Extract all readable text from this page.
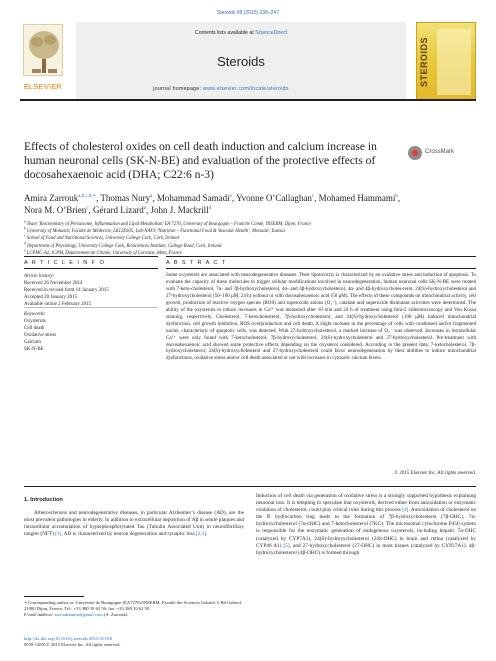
Steroids 99 (2015) 238–247
ELSEVIER
Contents lists available at ScienceDirect
Steroids	STEROIDS
journal homepage: www.elsevier.com/locate/steroids
Effects of cholesterol oxides on cell death induction and calcium increase in human neuronal cells (SK-N-BE) and evaluation of the protective effects of docosahexaenoic acid (DHA; C22:6 n-3)
CrossMark
Amira Zarrouk$^{a,b,c,d,∗}$, Thomas Nury$^a$, Mohammad Samadi$^e$, Yvonne O’Callaghan$^c$, Mohamed Hammami$^b$,
Nora M. O’Brien$^c$, Gérard Lizard$^a$, John J. Mackrill$^d$
$^a$ Team ‘Biochemistry of Peroxisome, Inflammation and Lipid Metabolism’ EA 7270, University of Bourgogne – Franche Comté, INSERM, Dijon, France
$^b$ University of Monastir, Faculté de Médecine, LR12ES05, Lab-NAFS ‘Nutrition – Functional Food & Vascular Health’, Monastir, Tunisia
$^c$ School of Food and Nutritional Sciences, University College Cork, Cork, Ireland
$^d$ Department of Physiology, University College Cork, BioSciences Institute, College Road, Cork, Ireland
$^e$ LCPMC-A2, ICPM, Département de Chimie, University of Lorraine, Metz, France
A R T I C L E I N F O	A B S T R A C T
Article history:
Received 26 November 2014
Received in revised form 14 January 2015
Accepted 20 January 2015
Available online 2 February 2015
Keywords:
Oxysterols
Cell death
Oxidative stress
Calcium
SK-N-BE
Some oxysterols are associated with neurodegenerative diseases. Their lipotoxicity is characterized by an oxidative stress and induction of apoptosis. To evaluate the capacity of these molecules to trigger cellular modifications involved in neurodegeneration, human neuronal cells SK-N-BE were treated with 7-keto-cholesterol, 7α- and 7β-hydroxycholesterol, 4α- and 4β-hydroxycholesterol, 4α- and 4β-hydroxycholes-terol, 24(S)-hydroxycholesterol and 27-hydroxycholesterol (50–100 μM, 24 h) without or with docosahexaenoic acid (50 μM). The effects of these compounds on mitochondrial activity, cell growth, production of reactive oxygen species (ROS) and superoxide anions (O₂⁻), catalase and superoxide dismutase activities were determined. The ability of the oxysterols to induce increases in Ca²⁺ was measured after 10 min and 24 h of treatment using fura-2 videomicroscopy and Von Kossa staining, respectively. Cholesterol, 7-ketocholesterol, 7β-hydroxycholesterol, and 24(S)-hydroxycholesterol (100 μM) induced mitochondrial dysfunction, cell growth inhibition, ROS overproduction and cell death. A slight increase in the percentage of cells with condensed and/or fragmented nuclei, characteristic of apoptotic cells, was detected. With 27-hydroxycholesterol, a marked increase of O₂⁻ was observed. Increases in intracellular Ca²⁺ were only found with 7-ketocholesterol, 7β-hydroxycholesterol, 24(S)-hydroxycholesterol and 27-hydroxycholesterol. Pre-treatment with docosahexaenoic acid showed some protective effects depending on the oxysterol considered. According to the present data, 7-ketocholesterol, 7β-hydroxycholesterol, 24(S)-hydroxycholesterol and 27-hydroxycholesterol could favor neurodegeneration by their abilities to induce mitochondrial dysfunctions, oxidative stress and/or cell death associated or not with increases in cytosolic calcium levels.
© 2015 Elsevier Inc. All rights reserved.
1. Introduction
Atherosclerosis and neurodegenerative diseases, in particular Alzheimer’s disease (AD), are the most prevalent pathologies in elderly. In addition to extracellular deposition of Aβ in senile plaques and intracellular accumulation of hyperphosphorylated Tau (Tubulin Associated Unit) in neurofibrillary tangles (NFT) [1], AD is characterized by neuron degeneration and synaptic loss [2,3].
Induction of cell death via generation of oxidative stress is a strongly supported hypothesis explaining neuronal loss. It is tempting to speculate that oxysterols, derived either from autoxidation or enzymatic oxidation of cholesterol, could play critical roles during this process [4]. Autoxidation of cholesterol on the B hydrocarbon ring leads to the formation of 7β-hydroxycholesterol (7β-OHC), 7α-hydroxycholesterol (7α-OHC) and 7-ketocholesterol (7KC). The microsomal cytochrome P450 system is responsible for the enzymatic generation of endogenous oxysterols, including hepatic 7α-OHC (catalyzed by CYP7A1), 24(S)-hydroxycholesterol (24S-OHC) in brain and retina (catalyzed by CYP46 A1) [5], and 27-hydroxycholesterol (27-OHC) in most tissues (catalyzed by CYP27A1). 4β-hydroxycholesterol (4β-OHC) is formed through
∗ Corresponding author at: Université de Bourgogne (EA7270)/INSERM, Faculté des Sciences Gabriel, 6 Bd Gabriel, 21000 Dijon, France. Tel.: +33 380 39 62 56; fax: +33 380 39 62 50.
E-mail address: zarroukamira@gmail.com (A. Zarrouk).
http://dx.doi.org/10.1016/j.steroids.2015.01.018
0039-128X/© 2015 Elsevier Inc. All rights reserved.
